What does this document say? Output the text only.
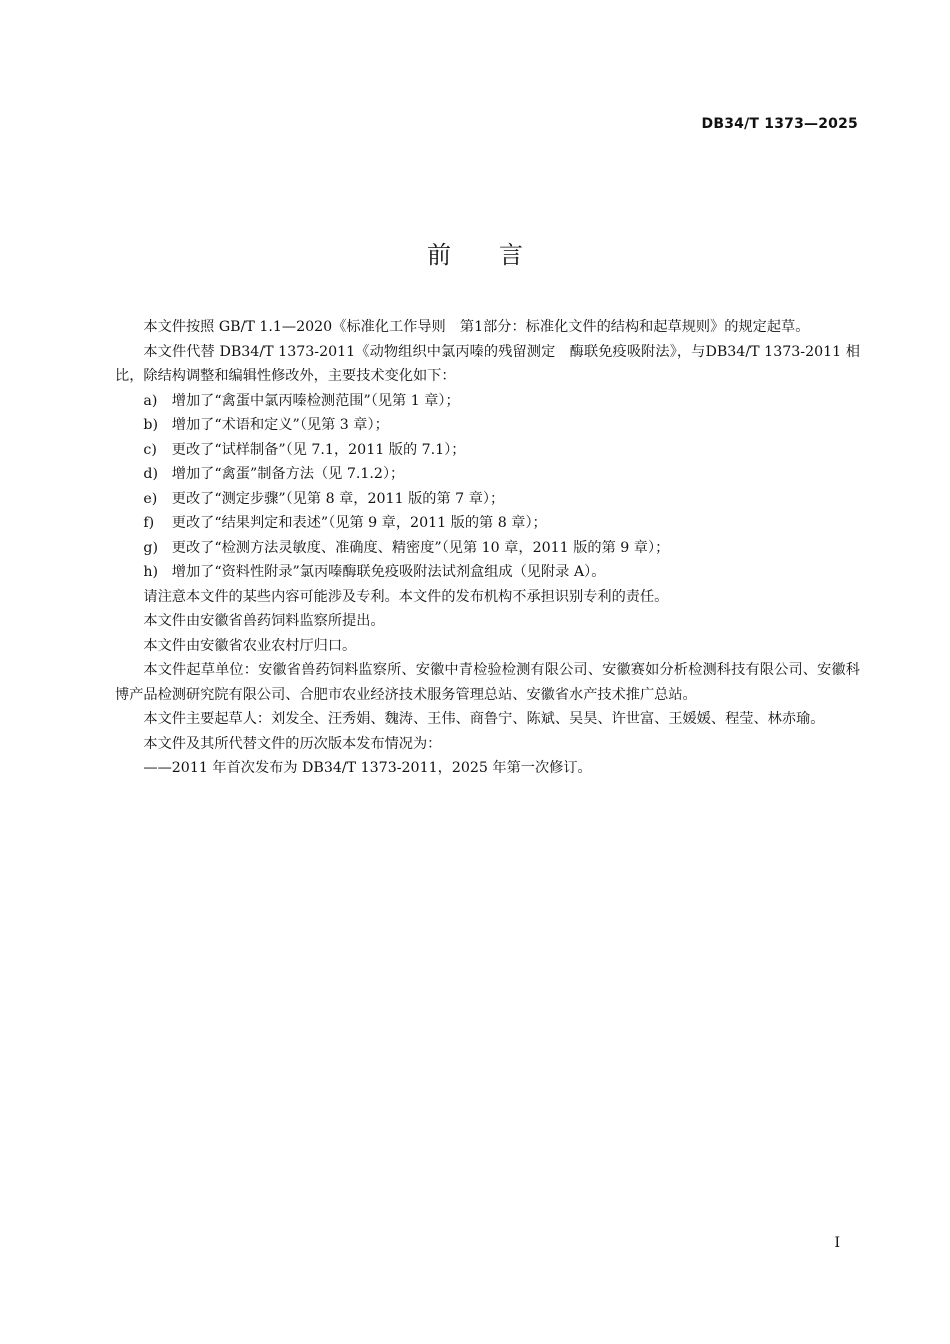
DB34/T 1373—2025
前言

本文件按照 GB/T 1.1—2020《标准化工作导则　第1部分：标准化文件的结构和起草规则》的规定起草。

本文件代替 DB34/T 1373-2011《动物组织中氯丙嗪的残留测定　酶联免疫吸附法》，与DB34/T 1373-2011 相比，除结构调整和编辑性修改外，主要技术变化如下：

a) 增加了“禽蛋中氯丙嗪检测范围”（见第 1 章）；
b) 增加了“术语和定义”（见第 3 章）；
c) 更改了“试样制备”（见 7.1，2011 版的 7.1）；
d) 增加了“禽蛋”制备方法（见 7.1.2）；
e) 更改了“测定步骤”（见第 8 章，2011 版的第 7 章）；
f) 更改了“结果判定和表述”（见第 9 章，2011 版的第 8 章）；
g) 更改了“检测方法灵敏度、准确度、精密度”（见第 10 章，2011 版的第 9 章）；
h) 增加了“资料性附录”氯丙嗪酶联免疫吸附法试剂盒组成（见附录 A）。

请注意本文件的某些内容可能涉及专利。本文件的发布机构不承担识别专利的责任。

本文件由安徽省兽药饲料监察所提出。

本文件由安徽省农业农村厅归口。

本文件起草单位：安徽省兽药饲料监察所、安徽中青检验检测有限公司、安徽赛如分析检测科技有限公司、安徽科博产品检测研究院有限公司、合肥市农业经济技术服务管理总站、安徽省水产技术推广总站。

本文件主要起草人：刘发全、汪秀娟、魏涛、王伟、商鲁宁、陈斌、吴昊、许世富、王媛媛、程莹、林赤瑜。

本文件及其所代替文件的历次版本发布情况为：

——2011 年首次发布为 DB34/T 1373-2011，2025 年第一次修订。

I
